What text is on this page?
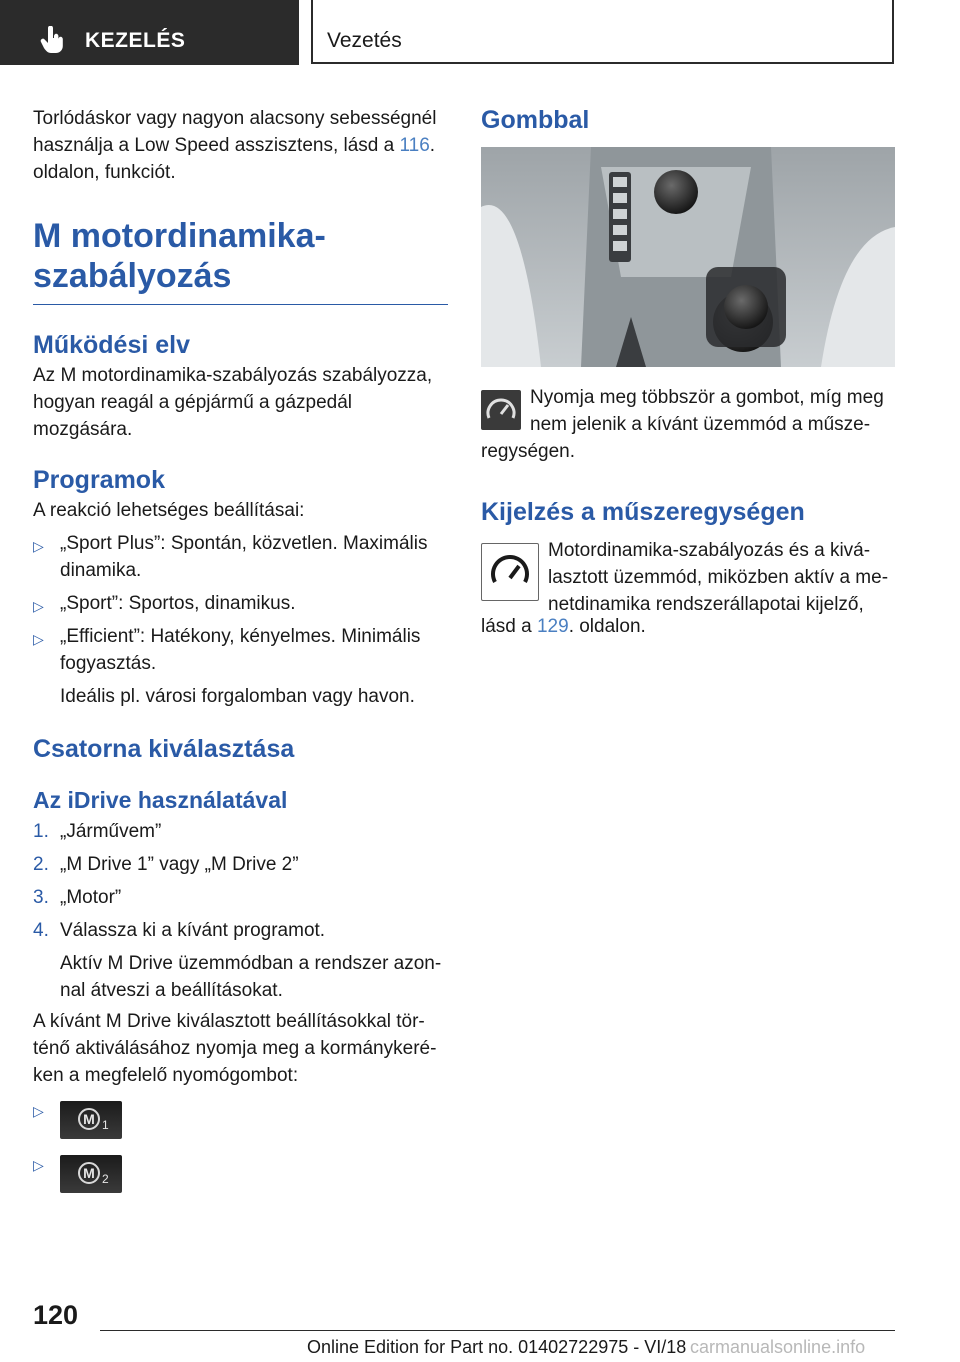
KEZELÉS	Vezetés

Torlódáskor vagy nagyon alacsony sebességnél
használja a Low Speed asszisztens, lásd a 116.
oldalon, funkciót.

M motordinamika-
szabályozás
Működési elv

Az M motordinamika-szabályozás szabályozza,
hogyan reagál a gépjármű a gázpedál mozgására.

Programok

A reakció lehetséges beállításai:

▷ „Sport Plus”: Spontán, közvetlen. Maximális
dinamika.
▷ „Sport”: Sportos, dinamikus.
▷ „Efficient”: Hatékony, kényelmes. Minimális
fogyasztás.
Ideális pl. városi forgalomban vagy havon.
Csatorna kiválasztása
Az iDrive használatával
1. „Járművem”
2. „M Drive 1” vagy „M Drive 2”
3. „Motor”
4. Válassza ki a kívánt programot.
Aktív M Drive üzemmódban a rendszer azon-
nal átveszi a beállításokat.

A kívánt M Drive kiválasztott beállításokkal tör-
ténő aktiválásához nyomja meg a kormánykeré-
ken a megfelelő nyomógombot:

▷	M 1
▷	M 2
Gombbal

Nyomja meg többször a gombot, míg meg
nem jelenik a kívánt üzemmód a műsze-

regységen.

Kijelzés a műszeregységen

Motordinamika-szabályozás és a kivá-
lasztott üzemmód, miközben aktív a me-
netdinamika rendszerállapotai kijelző,

lásd a 129. oldalon.

120
Online Edition for Part no. 01402722975 - VI/18 carmanualsonline.info
